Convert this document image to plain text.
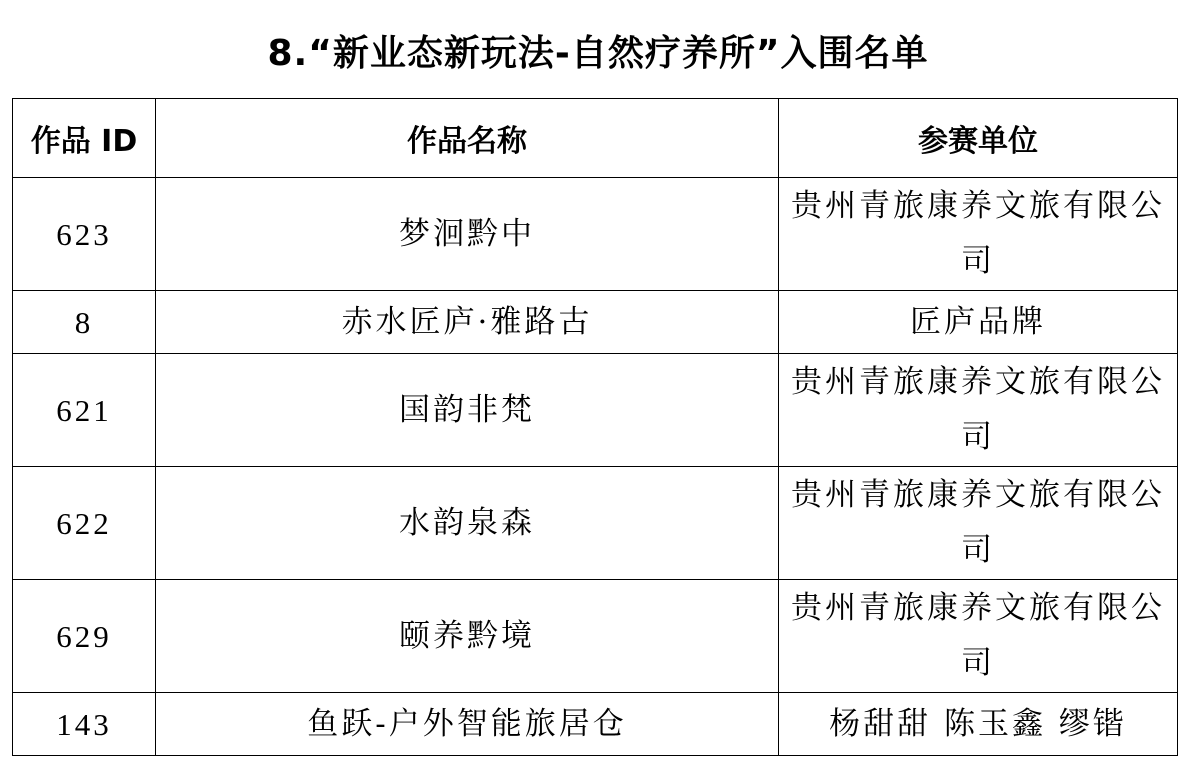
8.“新业态新玩法-自然疗养所”入围名单
作品 ID	作品名称	参赛单位
623	梦洄黔中	贵州青旅康养文旅有限公司
8	赤水匠庐·雅路古	匠庐品牌
621	国韵非梵	贵州青旅康养文旅有限公司
622	水韵泉森	贵州青旅康养文旅有限公司
629	颐养黔境	贵州青旅康养文旅有限公司
143	鱼跃-户外智能旅居仓	杨甜甜 陈玉鑫 缪锴
